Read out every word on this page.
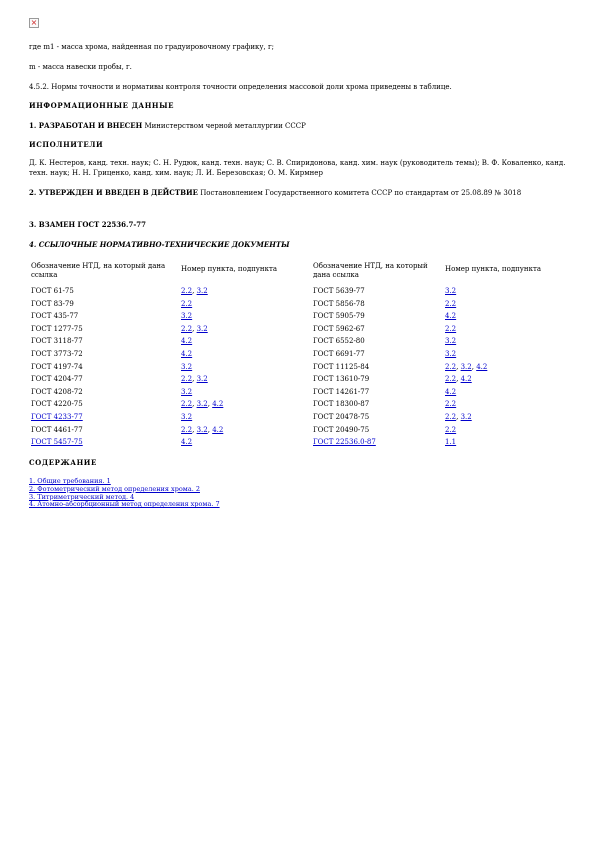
×
где m1 - масса хрома, найденная по градуировочному графику, г;
m - масса навески пробы, г.
4.5.2. Нормы точности и нормативы контроля точности определения массовой доли хрома приведены в таблице.
ИНФОРМАЦИОННЫЕ ДАННЫЕ
1. РАЗРАБОТАН И ВНЕСЕН Министерством черной металлургии СССР
ИСПОЛНИТЕЛИ
Д. К. Нестеров, канд. техн. наук; С. Н. Рудюк, канд. техн. наук; С. В. Спиридонова, канд. хим. наук (руководитель темы); В. Ф. Коваленко, канд. техн. наук; Н. Н. Гриценко, канд. хим. наук; Л. И. Березовская; О. М. Кирмнер
2. УТВЕРЖДЕН И ВВЕДЕН В ДЕЙСТВИЕ Постановлением Государственного комитета СССР по стандартам от 25.08.89 № 3018
3. ВЗАМЕН ГОСТ 22536.7-77
4. ССЫЛОЧНЫЕ НОРМАТИВНО-ТЕХНИЧЕСКИЕ ДОКУМЕНТЫ
Обозначение НТД, на который дана ссылка	Номер пункта, подпункта	Обозначение НТД, на который дана ссылка	Номер пункта, подпункта
ГОСТ 61-75	2.2, 3.2	ГОСТ 5639-77	3.2
ГОСТ 83-79	2.2	ГОСТ 5856-78	2.2
ГОСТ 435-77	3.2	ГОСТ 5905-79	4.2
ГОСТ 1277-75	2.2, 3.2	ГОСТ 5962-67	2.2
ГОСТ 3118-77	4.2	ГОСТ 6552-80	3.2
ГОСТ 3773-72	4.2	ГОСТ 6691-77	3.2
ГОСТ 4197-74	3.2	ГОСТ 11125-84	2.2, 3.2, 4.2
ГОСТ 4204-77	2.2, 3.2	ГОСТ 13610-79	2.2, 4.2
ГОСТ 4208-72	3.2	ГОСТ 14261-77	4.2
ГОСТ 4220-75	2.2, 3.2, 4.2	ГОСТ 18300-87	2.2
ГОСТ 4233-77	3.2	ГОСТ 20478-75	2.2, 3.2
ГОСТ 4461-77	2.2, 3.2, 4.2	ГОСТ 20490-75	2.2
ГОСТ 5457-75	4.2	ГОСТ 22536.0-87	1.1
СОДЕРЖАНИЕ
1. Общие требования. 1
2. Фотометрический метод определения хрома. 2
3. Титриметрический метод. 4
4. Атомно-абсорбционный метод определения хрома. 7
